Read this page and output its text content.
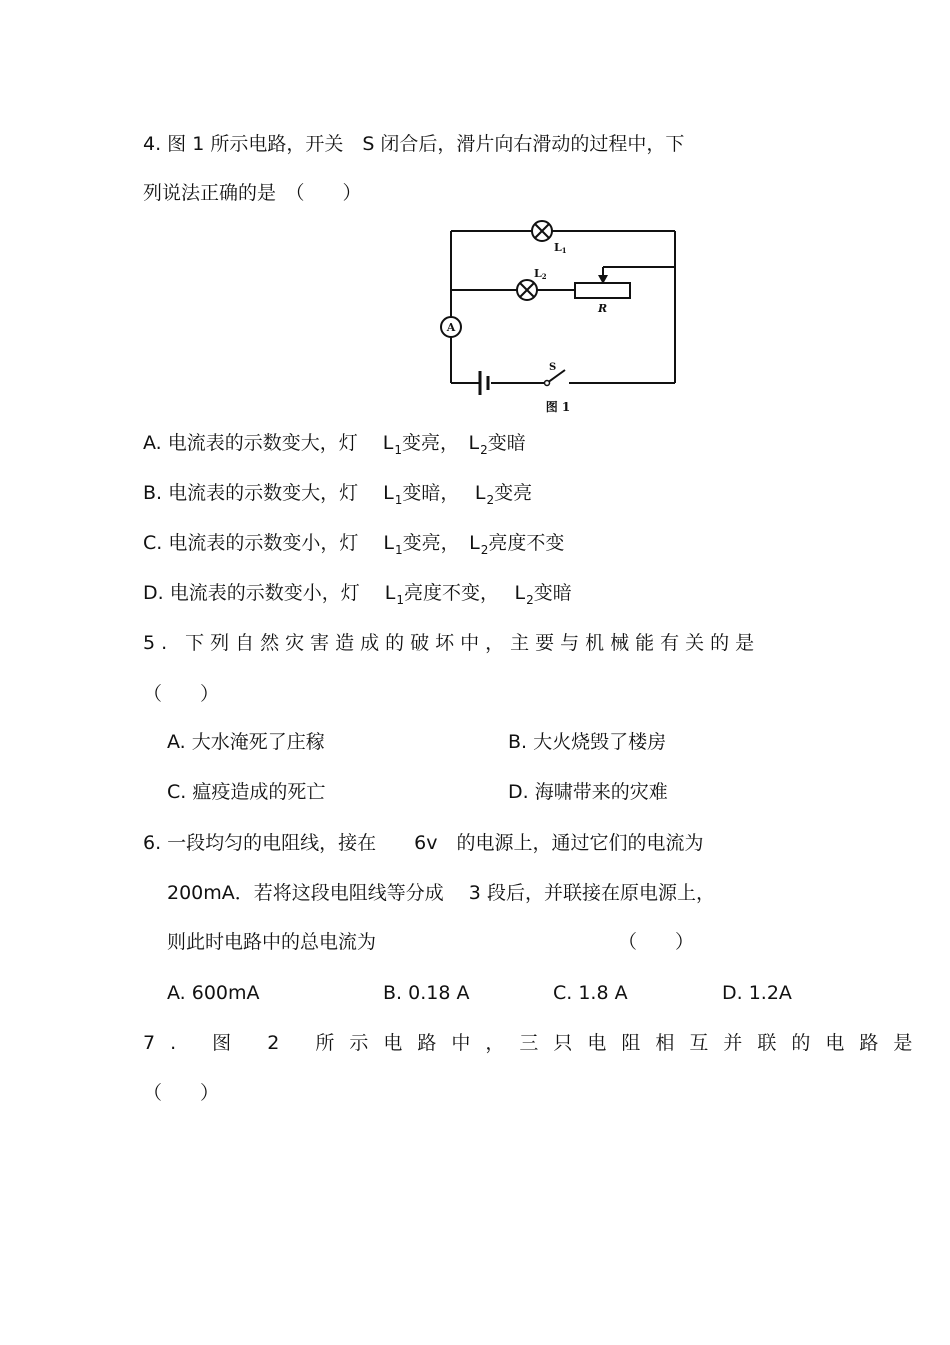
4. 图 1 所示电路，开关　S 闭合后，滑片向右滑动的过程中，下
列说法正确的是　（　　）
L1
L2
R
A
S
图 1
A. 电流表的示数变大，灯　 $L_1$变亮，　$L_2$变暗
B. 电流表的示数变大，灯　 $L_1$变暗，　 $L_2$变亮
C. 电流表的示数变小，灯　 $L_1$变亮，　$L_2$亮度不变
D. 电流表的示数变小，灯　 $L_1$亮度不变，　 $L_2$变暗
5. 下列自然灾害造成的破坏中，主要与机械能有关的是
（　　）
A. 大水淹死了庄稼	B. 大火烧毁了楼房
C. 瘟疫造成的死亡	D. 海啸带来的灾难
6. 一段均匀的电阻线，接在　　6v　的电源上，通过它们的电流为
200mA．若将这段电阻线等分成　 3 段后，并联接在原电源上，
则此时电路中的总电流为	（　　）
A. 600mA	B. 0.18 A	C. 1.8 A	D. 1.2A
7. 图 2 所示电路中，三只电阻相互并联的电路是
（　　）
